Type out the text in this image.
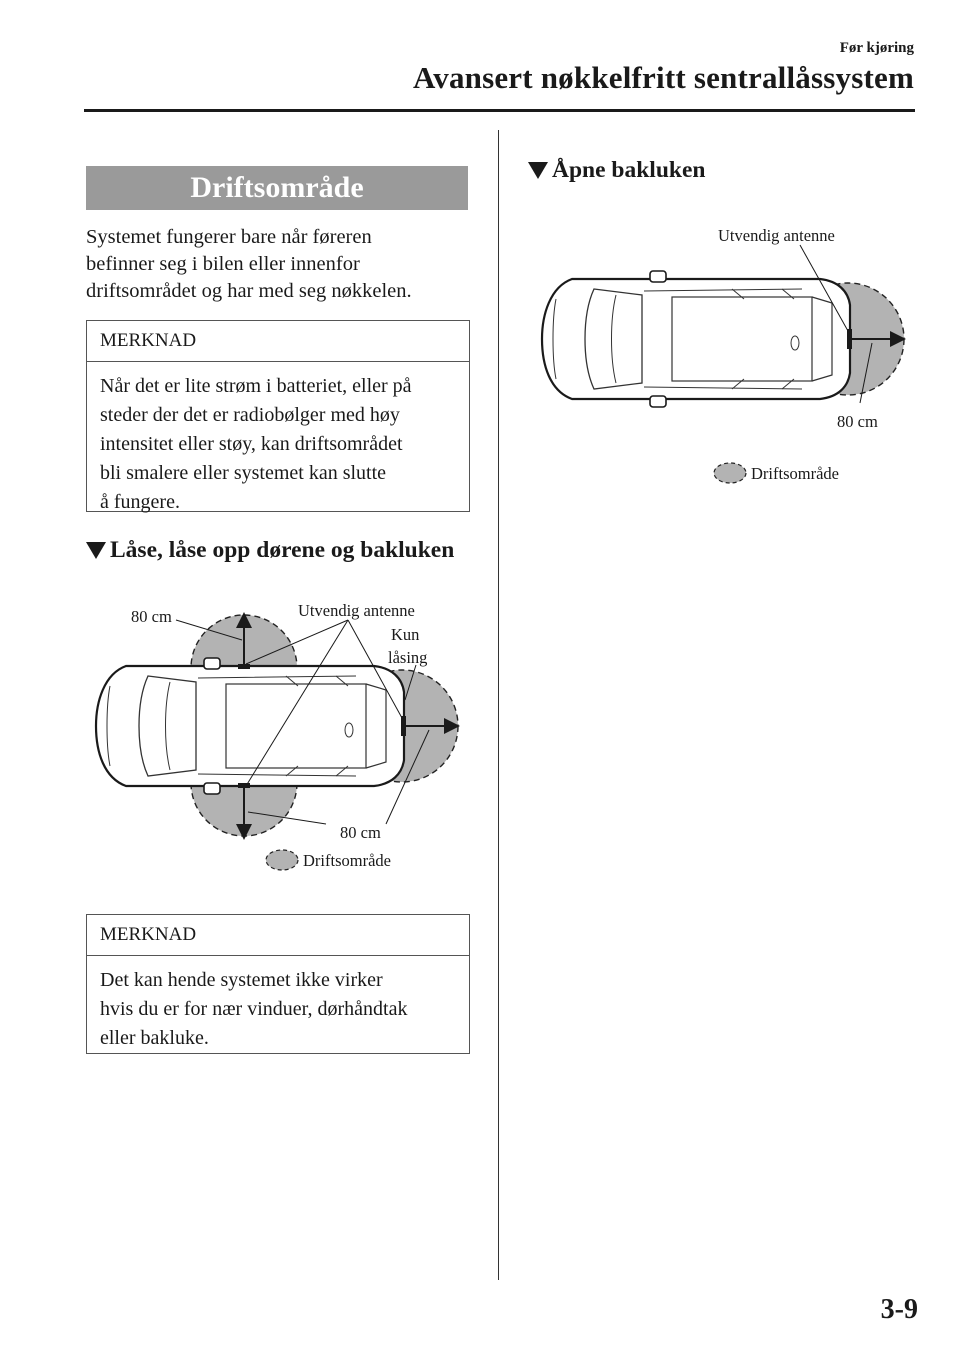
Før kjøring
Avansert nøkkelfritt sentrallåssystem
Driftsområde
Systemet fungerer bare når føreren
befinner seg i bilen eller innenfor
driftsområdet og har med seg nøkkelen.
MERKNAD
Når det er lite strøm i batteriet, eller på
steder der det er radiobølger med høy
intensitet eller støy, kan driftsområdet
bli smalere eller systemet kan slutte
å fungere.
Låse, låse opp dørene og bakluken
80 cm	Utvendig antenne
Kun
låsing
80 cm
Driftsområde
MERKNAD
Det kan hende systemet ikke virker
hvis du er for nær vinduer, dørhåndtak
eller bakluke.
Åpne bakluken
Utvendig antenne
80 cm
Driftsområde
3-9
